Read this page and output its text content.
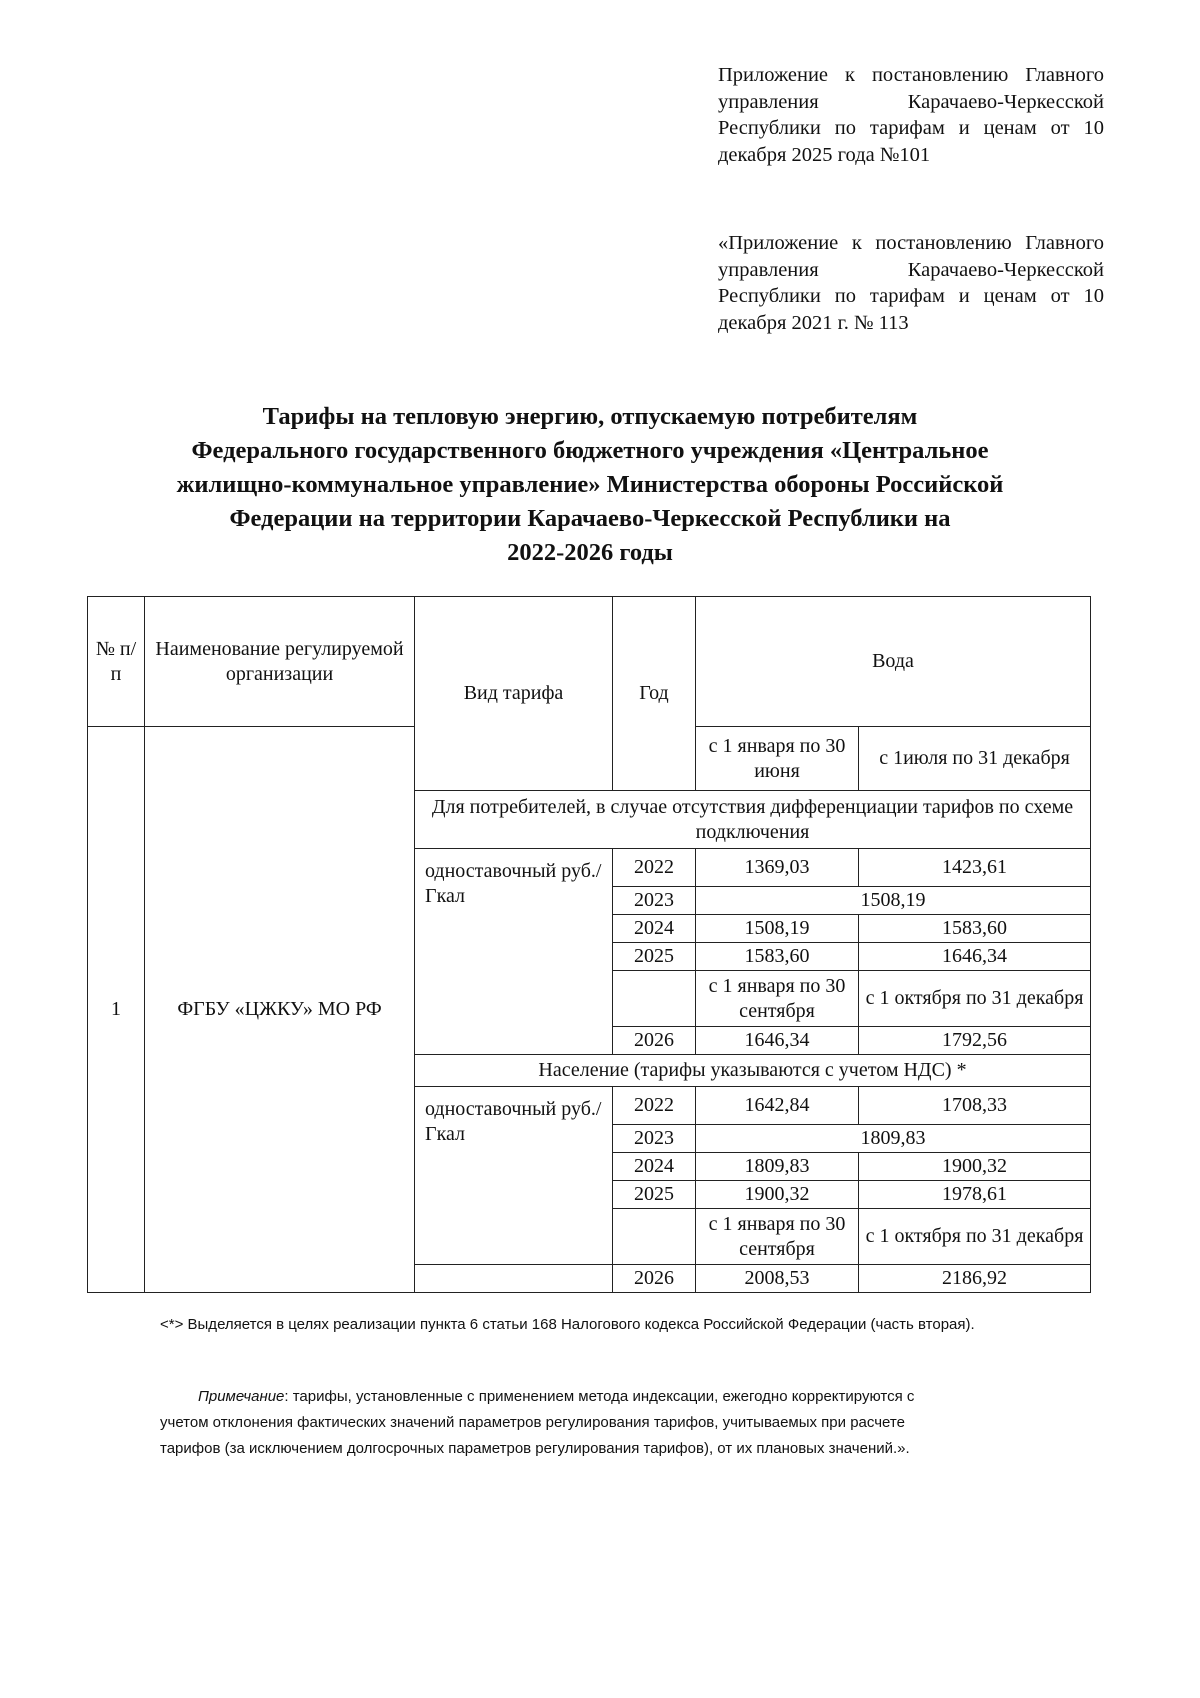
Приложение к постановлению Главного управления Карачаево-Черкесской Республики по тарифам и ценам от 10 декабря 2025 года №101

«Приложение к постановлению Главного управления Карачаево-Черкесской Республики по тарифам и ценам от 10 декабря 2021 г. № 113

Тарифы на тепловую энергию, отпускаемую потребителям
Федерального государственного бюджетного учреждения «Центральное
жилищно-коммунальное управление» Министерства обороны Российской
Федерации на территории Карачаево-Черкесской Республики на
2022-2026 годы
№ п/п	Наименование регулируемой организации	Вид тарифа	Год	Вода	
1	ФГБУ «ЦЖКУ» МО РФ			с 1 января по 30 июня	с 1июля по 31 декабря
		Для потребителей, в случае отсутствия дифференциации тарифов по схеме подключения			
		одноставочный руб./Гкал	2022	1369,03	1423,61
			2023	1508,19	
			2024	1508,19	1583,60
			2025	1583,60	1646,34
				с 1 января по 30 сентября	с 1 октября по 31 декабря
			2026	1646,34	1792,56
		Население (тарифы указываются с учетом НДС) *			
		одноставочный руб./Гкал	2022	1642,84	1708,33
			2023	1809,83	
			2024	1809,83	1900,32
			2025	1900,32	1978,61
				с 1 января по 30 сентября	с 1 октября по 31 декабря
			2026	2008,53	2186,92

<*> Выделяется в целях реализации пункта 6 статьи 168 Налогового кодекса Российской Федерации (часть вторая).

Примечание: тарифы, установленные с применением метода индексации, ежегодно корректируются с
учетом отклонения фактических значений параметров регулирования тарифов, учитываемых при расчете
тарифов (за исключением долгосрочных параметров регулирования тарифов), от их плановых значений.».
